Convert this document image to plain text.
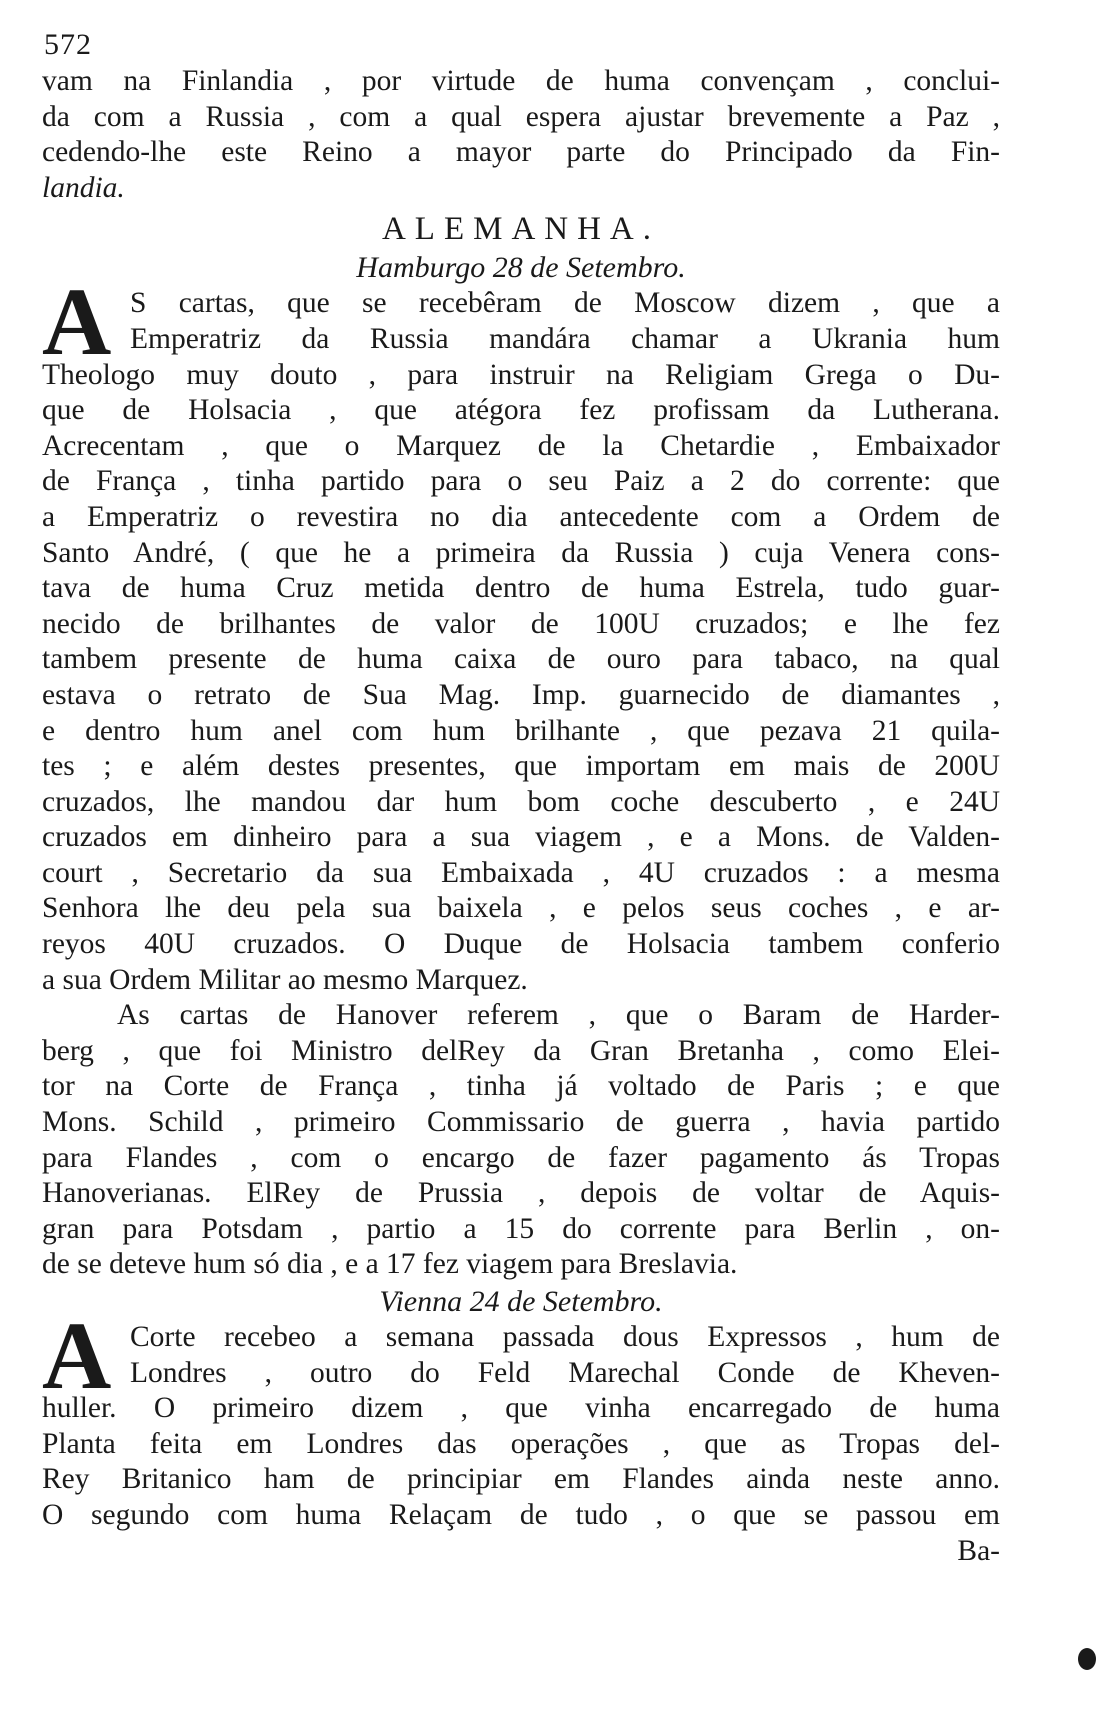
572
vam na Finlandia , por virtude de huma convençam , conclui-
da com a Russia , com a qual espera ajustar brevemente a Paz ,
cedendo-lhe este Reino a mayor parte do Principado da Fin-
landia.
ALEMANHA.
Hamburgo 28 de Setembro.
A S cartas, que se recebêram de Moscow dizem , que a
Emperatriz da Russia mandára chamar a Ukrania hum
Theologo muy douto , para instruir na Religiam Grega o Du-
que de Holsacia , que atégora fez profissam da Lutherana.
Acrecentam , que o Marquez de la Chetardie , Embaixador
de França , tinha partido para o seu Paiz a 2 do corrente: que
a Emperatriz o revestira no dia antecedente com a Ordem de
Santo André, ( que he a primeira da Russia ) cuja Venera cons-
tava de huma Cruz metida dentro de huma Estrela, tudo guar-
necido de brilhantes de valor de 100U cruzados; e lhe fez
tambem presente de huma caixa de ouro para tabaco, na qual
estava o retrato de Sua Mag. Imp. guarnecido de diamantes ,
e dentro hum anel com hum brilhante , que pezava 21 quila-
tes ; e além destes presentes, que importam em mais de 200U
cruzados, lhe mandou dar hum bom coche descuberto , e 24U
cruzados em dinheiro para a sua viagem , e a Mons. de Valden-
court , Secretario da sua Embaixada , 4U cruzados : a mesma
Senhora lhe deu pela sua baixela , e pelos seus coches , e ar-
reyos 40U cruzados. O Duque de Holsacia tambem conferio
a sua Ordem Militar ao mesmo Marquez.
As cartas de Hanover referem , que o Baram de Harder-
berg , que foi Ministro delRey da Gran Bretanha , como Elei-
tor na Corte de França , tinha já voltado de Paris ; e que
Mons. Schild , primeiro Commissario de guerra , havia partido
para Flandes , com o encargo de fazer pagamento ás Tropas
Hanoverianas. ElRey de Prussia , depois de voltar de Aquis-
gran para Potsdam , partio a 15 do corrente para Berlin , on-
de se deteve hum só dia , e a 17 fez viagem para Breslavia.
Vienna 24 de Setembro.
A Corte recebeo a semana passada dous Expressos , hum de
Londres , outro do Feld Marechal Conde de Kheven-
huller. O primeiro dizem , que vinha encarregado de huma
Planta feita em Londres das operações , que as Tropas del-
Rey Britanico ham de principiar em Flandes ainda neste anno.
O segundo com huma Relaçam de tudo , o que se passou em
Ba-
